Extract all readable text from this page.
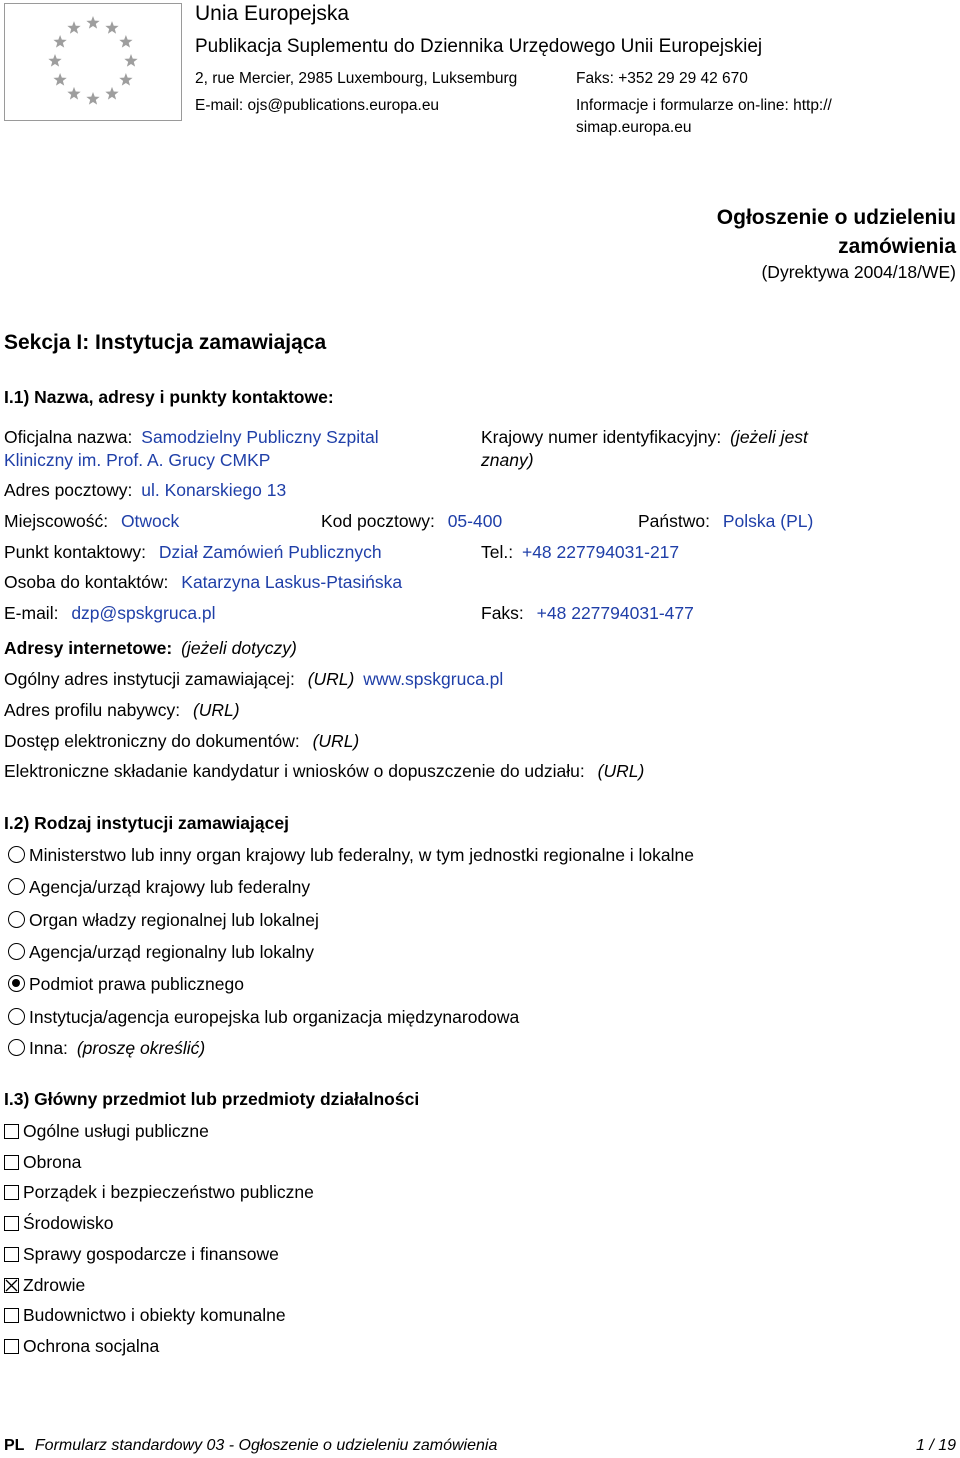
Unia Europejska
Publikacja Suplementu do Dziennika Urzędowego Unii Europejskiej
2, rue Mercier, 2985 Luxembourg, Luksemburg	Faks: +352 29 29 42 670
E-mail: ojs@publications.europa.eu	Informacje i formularze on-line: http://
simap.europa.eu
Ogłoszenie o udzieleniu
zamówienia
(Dyrektywa 2004/18/WE)
Sekcja I: Instytucja zamawiająca
I.1) Nazwa, adresy i punkty kontaktowe:
Oficjalna nazwa: Samodzielny Publiczny Szpital
Kliniczny im. Prof. A. Grucy CMKP
Krajowy numer identyfikacyjny: (jeżeli jest
znany)
Adres pocztowy: ul. Konarskiego 13
Miejscowość: Otwock	Kod pocztowy: 05-400	Państwo: Polska (PL)
Punkt kontaktowy: Dział Zamówień Publicznych	Tel.: +48 227794031-217
Osoba do kontaktów: Katarzyna Laskus-Ptasińska
E-mail: dzp@spskgruca.pl	Faks: +48 227794031-477
Adresy internetowe: (jeżeli dotyczy)
Ogólny adres instytucji zamawiającej: (URL) www.spskgruca.pl
Adres profilu nabywcy: (URL)
Dostęp elektroniczny do dokumentów: (URL)
Elektroniczne składanie kandydatur i wniosków o dopuszczenie do udziału: (URL)
I.2) Rodzaj instytucji zamawiającej
Ministerstwo lub inny organ krajowy lub federalny, w tym jednostki regionalne i lokalne
Agencja/urząd krajowy lub federalny
Organ władzy regionalnej lub lokalnej
Agencja/urząd regionalny lub lokalny
Podmiot prawa publicznego
Instytucja/agencja europejska lub organizacja międzynarodowa
Inna: (proszę określić)
I.3) Główny przedmiot lub przedmioty działalności
Ogólne usługi publiczne
Obrona
Porządek i bezpieczeństwo publiczne
Środowisko
Sprawy gospodarcze i finansowe
Zdrowie
Budownictwo i obiekty komunalne
Ochrona socjalna
PL Formularz standardowy 03 - Ogłoszenie o udzieleniu zamówienia	1 / 19
